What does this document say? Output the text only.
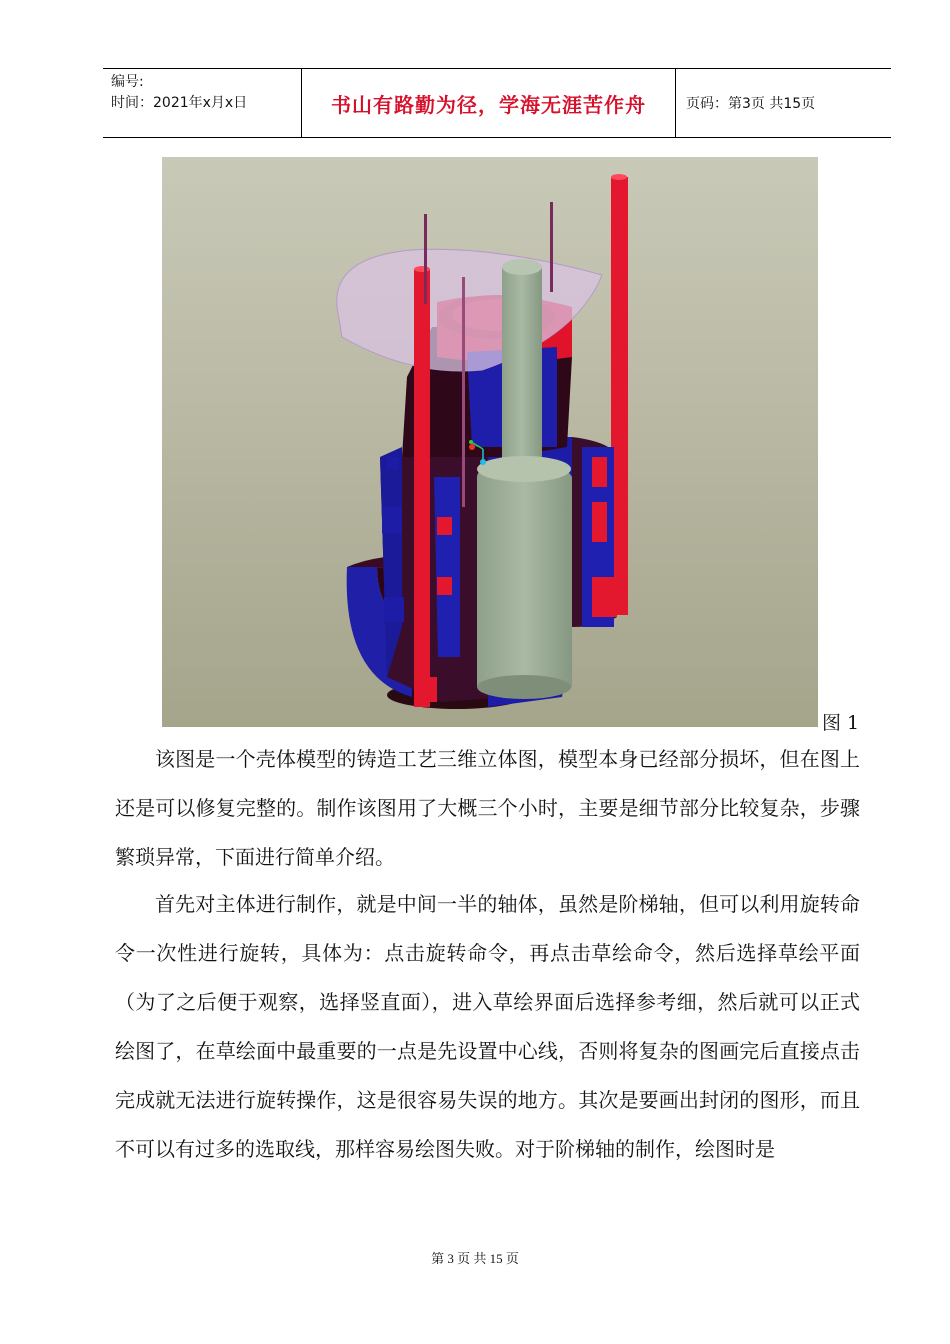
编号:
时间：2021年x月x日	书山有路勤为径，学海无涯苦作舟	页码：第3页 共15页
图 1

该图是一个壳体模型的铸造工艺三维立体图，模型本身已经部分损坏，但在图上还是可以修复完整的。制作该图用了大概三个小时，主要是细节部分比较复杂，步骤繁琐异常，下面进行简单介绍。

首先对主体进行制作，就是中间一半的轴体，虽然是阶梯轴，但可以利用旋转命令一次性进行旋转，具体为：点击旋转命令，再点击草绘命令，然后选择草绘平面（为了之后便于观察，选择竖直面），进入草绘界面后选择参考细，然后就可以正式绘图了，在草绘面中最重要的一点是先设置中心线，否则将复杂的图画完后直接点击完成就无法进行旋转操作，这是很容易失误的地方。其次是要画出封闭的图形，而且不可以有过多的选取线，那样容易绘图失败。对于阶梯轴的制作，绘图时是

第 3 页 共 15 页
